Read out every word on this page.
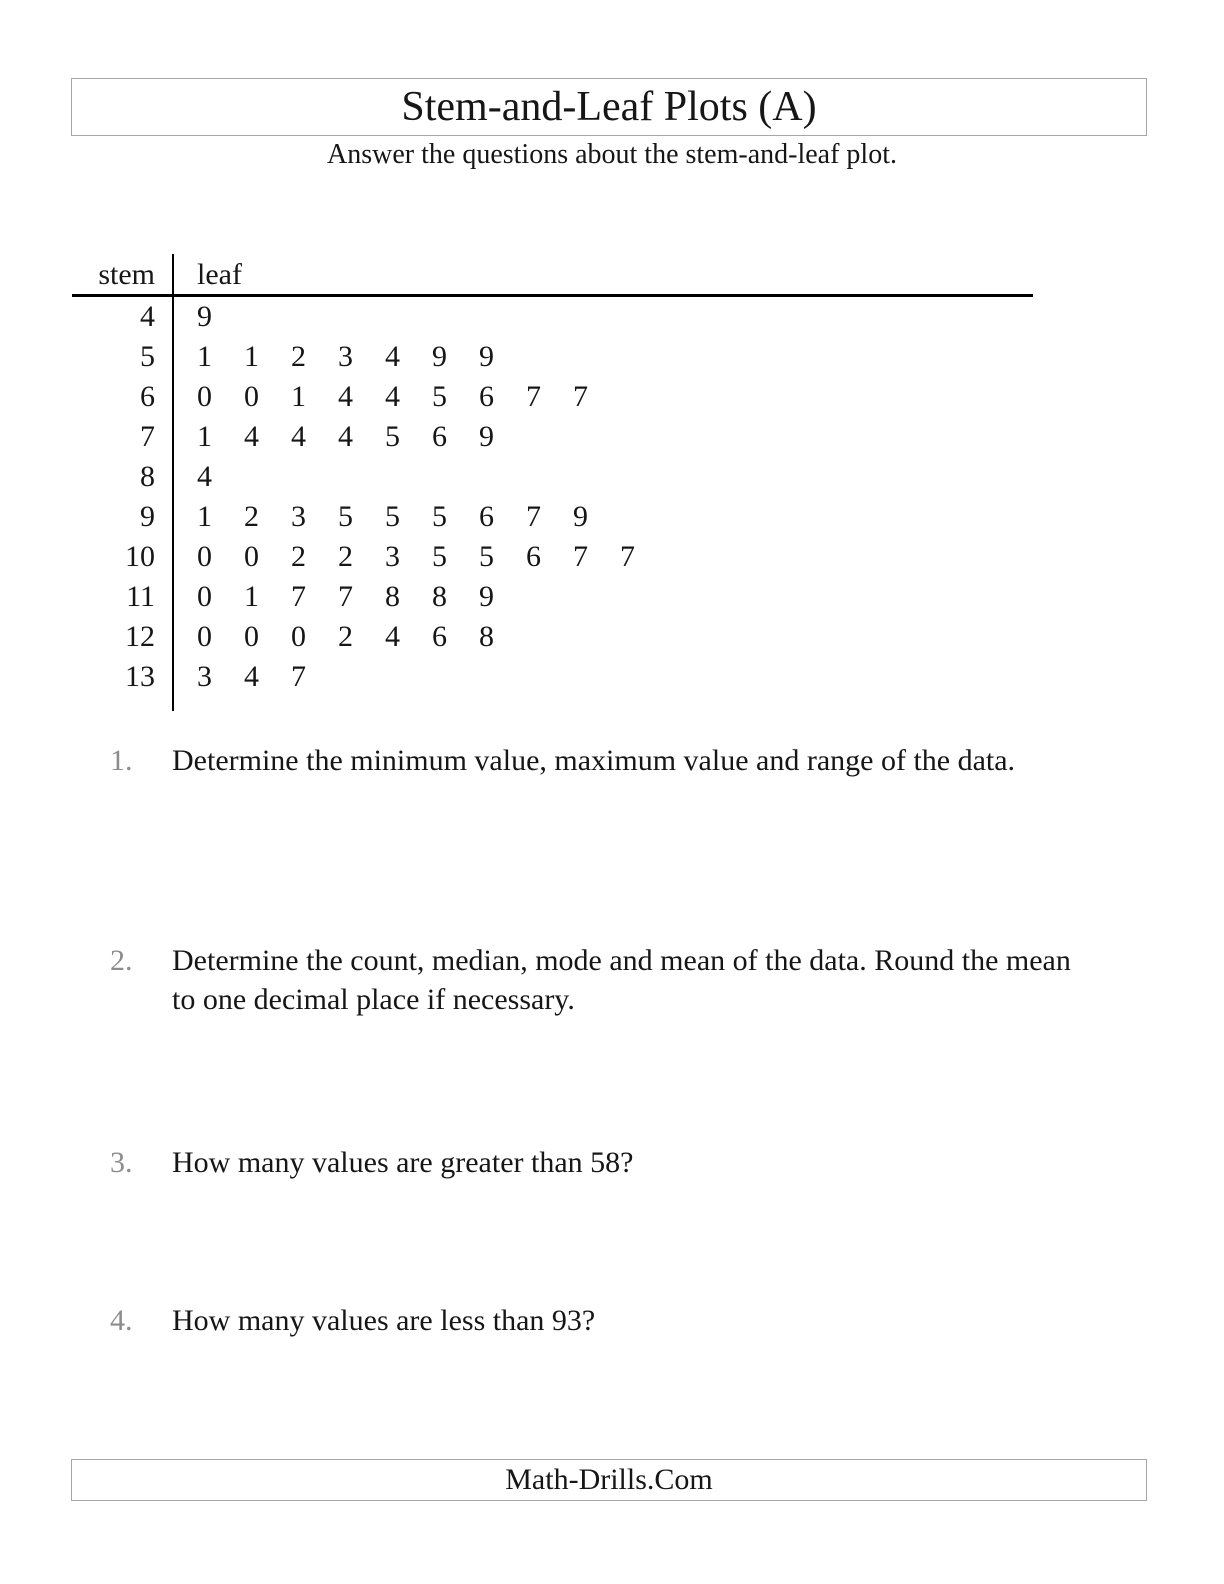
Stem-and-Leaf Plots (A)
Answer the questions about the stem-and-leaf plot.
stem	leaf
4	9
5	1	1	2	3	4	9	9
6	0	0	1	4	4	5	6	7	7
7	1	4	4	4	5	6	9
8	4
9	1	2	3	5	5	5	6	7	9
10	0	0	2	2	3	5	5	6	7	7
11	0	1	7	7	8	8	9
12	0	0	0	2	4	6	8
13	3	4	7
1.	Determine the minimum value, maximum value and range of the data.
2.	Determine the count, median, mode and mean of the data. Round the mean to one decimal place if necessary.
3.	How many values are greater than 58?
4.	How many values are less than 93?
Math-Drills.Com
